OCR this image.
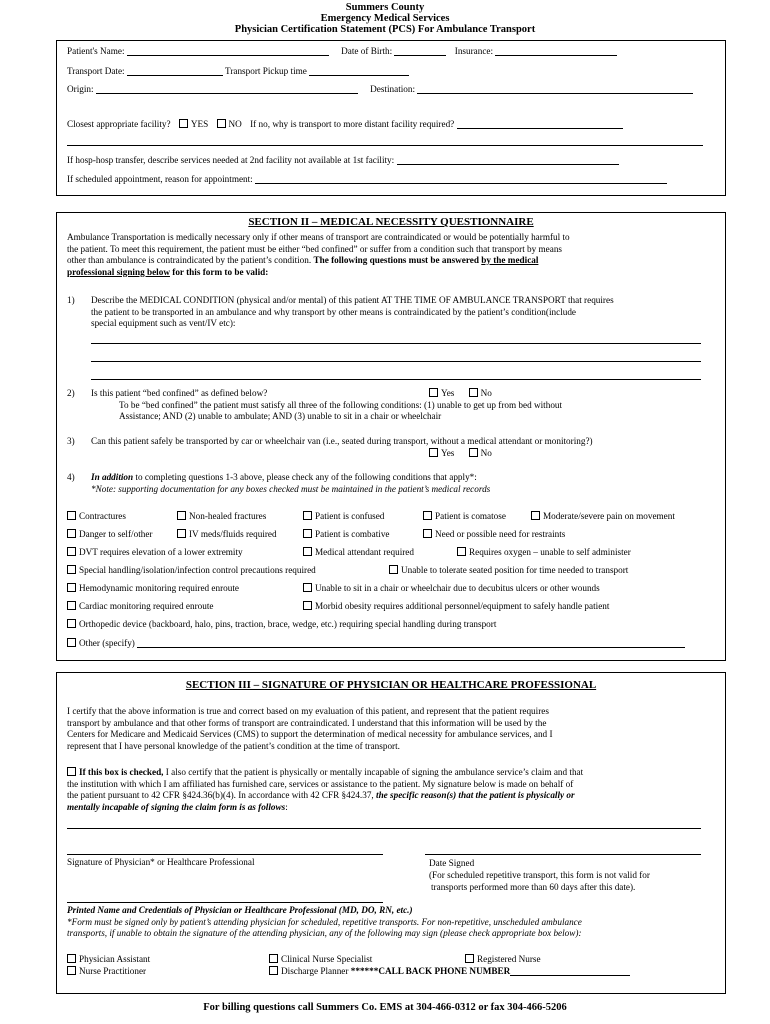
Summers County
Emergency Medical Services
Physician Certification Statement (PCS) For Ambulance Transport
Patient's Name:	Date of Birth:	Insurance:
Transport Date:	Transport Pickup time
Origin:	Destination:
Closest appropriate facility? YES NO If no, why is transport to more distant facility required?
If hosp-hosp transfer, describe services needed at 2nd facility not available at 1st facility:
If scheduled appointment, reason for appointment:
SECTION II – MEDICAL NECESSITY QUESTIONNAIRE
Ambulance Transportation is medically necessary only if other means of transport are contraindicated or would be potentially harmful to
the patient. To meet this requirement, the patient must be either “bed confined” or suffer from a condition such that transport by means
other than ambulance is contraindicated by the patient’s condition. The following questions must be answered by the medical
professional signing below for this form to be valid:
1) Describe the MEDICAL CONDITION (physical and/or mental) of this patient AT THE TIME OF AMBULANCE TRANSPORT that requires
the patient to be transported in an ambulance and why transport by other means is contraindicated by the patient’s condition(include
special equipment such as vent/IV etc):
2) Is this patient “bed confined” as defined below?	Yes	No
To be “bed confined” the patient must satisfy all three of the following conditions: (1) unable to get up from bed without
Assistance; AND (2) unable to ambulate; AND (3) unable to sit in a chair or wheelchair
3) Can this patient safely be transported by car or wheelchair van (i.e., seated during transport, without a medical attendant or monitoring?)
Yes	No
4) In addition to completing questions 1-3 above, please check any of the following conditions that apply*:
*Note: supporting documentation for any boxes checked must be maintained in the patient’s medical records
Contractures	Non-healed fractures	Patient is confused	Patient is comatose	Moderate/severe pain on movement
Danger to self/other	IV meds/fluids required	Patient is combative	Need or possible need for restraints
DVT requires elevation of a lower extremity	Medical attendant required	Requires oxygen – unable to self administer
Special handling/isolation/infection control precautions required	Unable to tolerate seated position for time needed to transport
Hemodynamic monitoring required enroute	Unable to sit in a chair or wheelchair due to decubitus ulcers or other wounds
Cardiac monitoring required enroute	Morbid obesity requires additional personnel/equipment to safely handle patient
Orthopedic device (backboard, halo, pins, traction, brace, wedge, etc.) requiring special handling during transport
Other (specify)
SECTION III – SIGNATURE OF PHYSICIAN OR HEALTHCARE PROFESSIONAL
I certify that the above information is true and correct based on my evaluation of this patient, and represent that the patient requires
transport by ambulance and that other forms of transport are contraindicated. I understand that this information will be used by the
Centers for Medicare and Medicaid Services (CMS) to support the determination of medical necessity for ambulance services, and I
represent that I have personal knowledge of the patient’s condition at the time of transport.
If this box is checked, I also certify that the patient is physically or mentally incapable of signing the ambulance service’s claim and that
the institution with which I am affiliated has furnished care, services or assistance to the patient. My signature below is made on behalf of
the patient pursuant to 42 CFR §424.36(b)(4). In accordance with 42 CFR §424.37, the specific reason(s) that the patient is physically or
mentally incapable of signing the claim form is as follows:
Signature of Physician* or Healthcare Professional	Date Signed
(For scheduled repetitive transport, this form is not valid for
transports performed more than 60 days after this date).
Printed Name and Credentials of Physician or Healthcare Professional (MD, DO, RN, etc.)
*Form must be signed only by patient’s attending physician for scheduled, repetitive transports. For non-repetitive, unscheduled ambulance
transports, if unable to obtain the signature of the attending physician, any of the following may sign (please check appropriate box below):
Physician Assistant	Clinical Nurse Specialist	Registered Nurse
Nurse Practitioner	Discharge Planner ******CALL BACK PHONE NUMBER
For billing questions call Summers Co. EMS at 304-466-0312 or fax 304-466-5206
